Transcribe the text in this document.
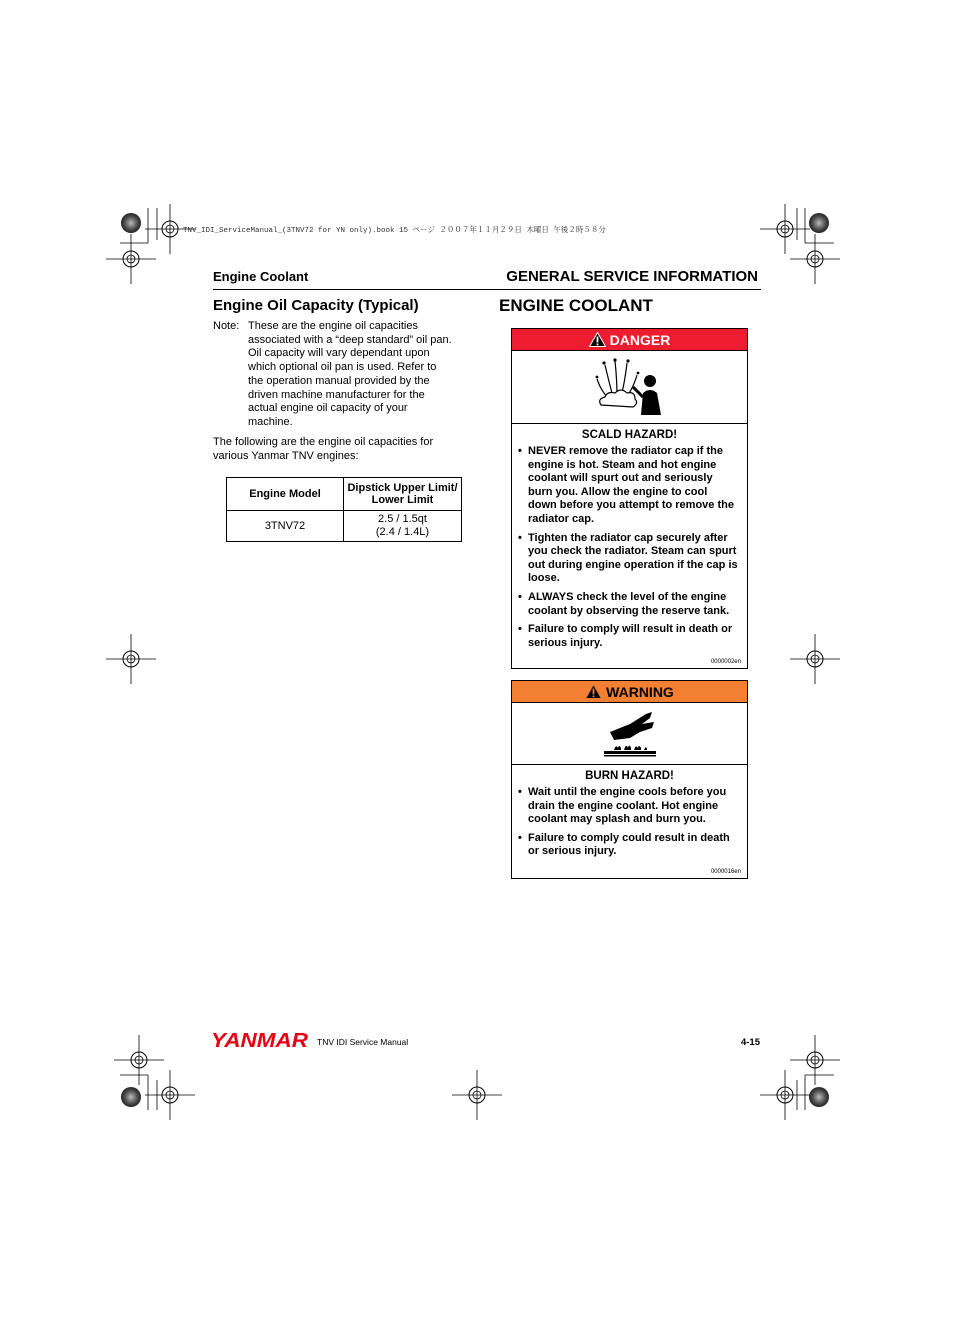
TNV_IDI_ServiceManual_(3TNV72 for YN only).book 15 ページ ２００７年１１月２９日 木曜日 午後２時５８分
Engine Coolant	GENERAL SERVICE INFORMATION
Engine Oil Capacity (Typical)
Note: These are the engine oil capacities associated with a “deep standard” oil pan. Oil capacity will vary dependant upon which optional oil pan is used. Refer to the operation manual provided by the driven machine manufacturer for the actual engine oil capacity of your machine.
The following are the engine oil capacities for various Yanmar TNV engines:
Engine Model	Dipstick Upper Limit/ Lower Limit
3TNV72	2.5 / 1.5qt
(2.4 / 1.4L)
ENGINE COOLANT
DANGER
SCALD HAZARD!
• NEVER remove the radiator cap if the engine is hot. Steam and hot engine coolant will spurt out and seriously burn you. Allow the engine to cool down before you attempt to remove the radiator cap.
• Tighten the radiator cap securely after you check the radiator. Steam can spurt out during engine operation if the cap is loose.
• ALWAYS check the level of the engine coolant by observing the reserve tank.
• Failure to comply will result in death or serious injury.
0000002en
WARNING
BURN HAZARD!
• Wait until the engine cools before you drain the engine coolant. Hot engine coolant may splash and burn you.
• Failure to comply could result in death or serious injury.
0000016en
YANMAR TNV IDI Service Manual	4-15
